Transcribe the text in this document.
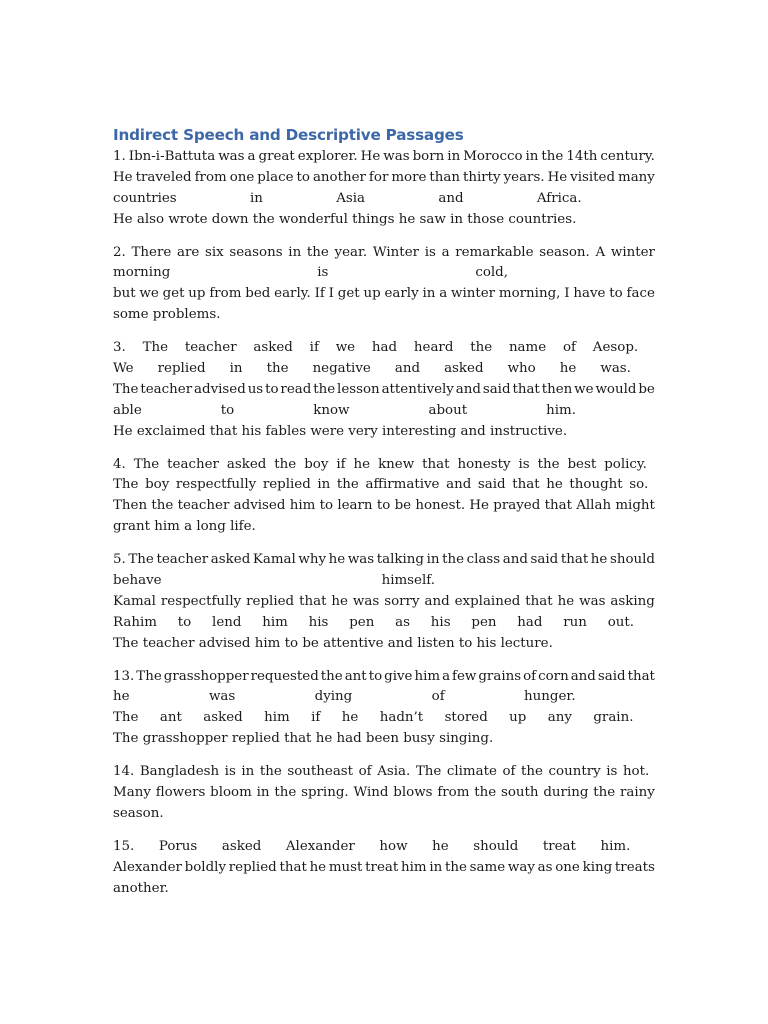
Indirect Speech and Descriptive Passages
1. Ibn-i-Battuta was a great explorer. He was born in Morocco in the 14th century.
He traveled from one place to another for more than thirty years. He visited many
countries	in	Asia	and	Africa.
He also wrote down the wonderful things he saw in those countries.
2. There are six seasons in the year. Winter is a remarkable season. A winter
morning	is	cold,
but we get up from bed early. If I get up early in a winter morning, I have to face
some problems.
3. The teacher asked if we had heard the name of Aesop.
We replied in the negative and asked who he was.
The teacher advised us to read the lesson attentively and said that then we would be
able	to	know	about	him.
He exclaimed that his fables were very interesting and instructive.
4. The teacher asked the boy if he knew that honesty is the best policy.
The boy respectfully replied in the affirmative and said that he thought so.
Then the teacher advised him to learn to be honest. He prayed that Allah might
grant him a long life.
5. The teacher asked Kamal why he was talking in the class and said that he should
behave	himself.
Kamal respectfully replied that he was sorry and explained that he was asking
Rahim to lend him his pen as his pen had run out.
The teacher advised him to be attentive and listen to his lecture.
13. The grasshopper requested the ant to give him a few grains of corn and said that
he	was	dying	of	hunger.
The ant asked him if he hadn’t stored up any grain.
The grasshopper replied that he had been busy singing.
14. Bangladesh is in the southeast of Asia. The climate of the country is hot.
Many flowers bloom in the spring. Wind blows from the south during the rainy
season.
15. Porus asked Alexander how he should treat him.
Alexander boldly replied that he must treat him in the same way as one king treats
another.
